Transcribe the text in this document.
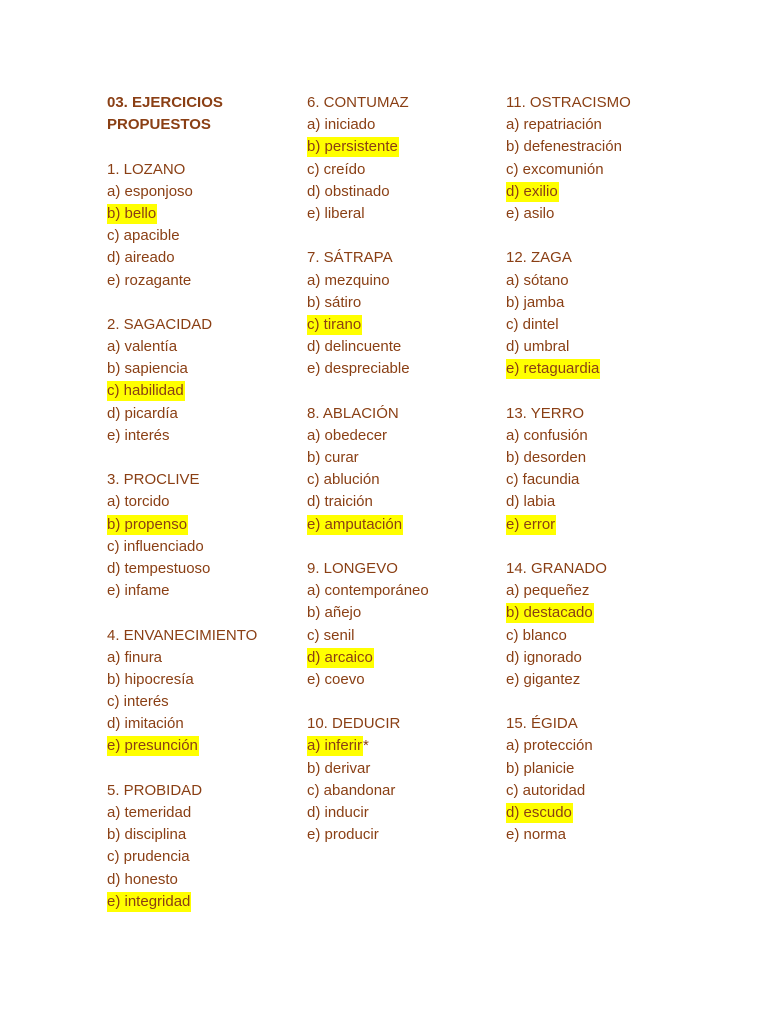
03. EJERCICIOS
PROPUESTOS
1. LOZANO
a) esponjoso
b) bello
c) apacible
d) aireado
e) rozagante
2. SAGACIDAD
a) valentía
b) sapiencia
c) habilidad
d) picardía
e) interés
3. PROCLIVE
a) torcido
b) propenso
c) influenciado
d) tempestuoso
e) infame
4. ENVANECIMIENTO
a) finura
b) hipocresía
c) interés
d) imitación
e) presunción
5. PROBIDAD
a) temeridad
b) disciplina
c) prudencia
d) honesto
e) integridad
6. CONTUMAZ
a) iniciado
b) persistente
c) creído
d) obstinado
e) liberal
7. SÁTRAPA
a) mezquino
b) sátiro
c) tirano
d) delincuente
e) despreciable
8. ABLACIÓN
a) obedecer
b) curar
c) ablución
d) traición
e) amputación
9. LONGEVO
a) contemporáneo
b) añejo
c) senil
d) arcaico
e) coevo
10. DEDUCIR
a) inferir*
b) derivar
c) abandonar
d) inducir
e) producir
11. OSTRACISMO
a) repatriación
b) defenestración
c) excomunión
d) exilio
e) asilo
12. ZAGA
a) sótano
b) jamba
c) dintel
d) umbral
e) retaguardia
13. YERRO
a) confusión
b) desorden
c) facundia
d) labia
e) error
14. GRANADO
a) pequeñez
b) destacado
c) blanco
d) ignorado
e) gigantez
15. ÉGIDA
a) protección
b) planicie
c) autoridad
d) escudo
e) norma
